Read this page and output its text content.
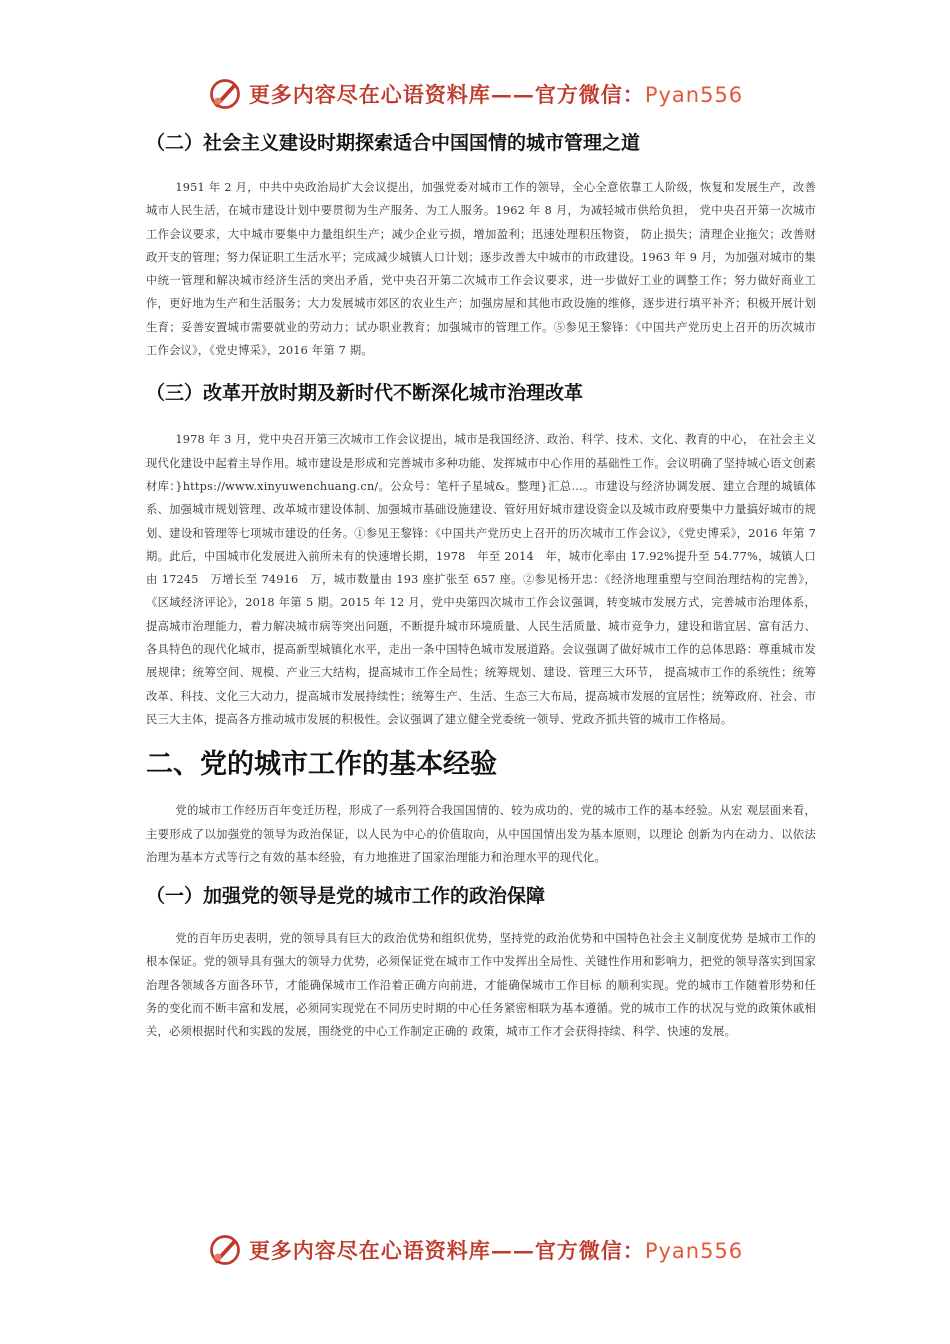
更多内容尽在心语资料库——官方微信：Pyan556
（二）社会主义建设时期探索适合中国国情的城市管理之道

1951 年 2 月，中共中央政治局扩大会议提出，加强党委对城市工作的领导，全心全意依靠工人阶级，恢复和发展生产，改善城市人民生活，在城市建设计划中要贯彻为生产服务、为工人服务。1962 年 8 月，为减轻城市供给负担， 党中央召开第一次城市工作会议要求，大中城市要集中力量组织生产；减少企业亏损，增加盈利；迅速处理积压物资， 防止损失；清理企业拖欠；改善财政开支的管理；努力保证职工生活水平；完成减少城镇人口计划；逐步改善大中城市的市政建设。1963 年 9 月，为加强对城市的集中统一管理和解决城市经济生活的突出矛盾，党中央召开第二次城市工作会议要求，进一步做好工业的调整工作；努力做好商业工作，更好地为生产和生活服务；大力发展城市郊区的农业生产；加强房屋和其他市政设施的维修，逐步进行填平补齐；积极开展计划生育；妥善安置城市需要就业的劳动力；试办职业教育；加强城市的管理工作。⑤参见王黎锋：《中国共产党历史上召开的历次城市工作会议》，《党史博采》，2016 年第 7 期。

（三）改革开放时期及新时代不断深化城市治理改革

1978 年 3 月，党中央召开第三次城市工作会议提出，城市是我国经济、政治、科学、技术、文化、教育的中心， 在社会主义现代化建设中起着主导作用。城市建设是形成和完善城市多种功能、发挥城市中心作用的基础性工作。会议明确了坚持城心语文创素材库：}https://www.xinyuwenchuang.cn/。公众号：笔杆子星城&。整理}汇总…。市建设与经济协调发展、建立合理的城镇体系、加强城市规划管理、改革城市建设体制、加强城市基础设施建设、管好用好城市建设资金以及城市政府要集中力量搞好城市的规划、建设和管理等七项城市建设的任务。①参见王黎锋：《中国共产党历史上召开的历次城市工作会议》，《党史博采》，2016 年第 7 期。此后，中国城市化发展进入前所未有的快速增长期，1978　年至 2014　年，城市化率由 17.92%提升至 54.77%，城镇人口由 17245　万增长至 74916　万，城市数量由 193 座扩张至 657 座。②参见杨开忠：《经济地理重塑与空间治理结构的完善》，《区域经济评论》，2018 年第 5 期。2015 年 12 月，党中央第四次城市工作会议强调，转变城市发展方式，完善城市治理体系，提高城市治理能力，着力解决城市病等突出问题，不断提升城市环境质量、人民生活质量、城市竞争力，建设和谐宜居、富有活力、各具特色的现代化城市，提高新型城镇化水平，走出一条中国特色城市发展道路。会议强调了做好城市工作的总体思路：尊重城市发展规律；统筹空间、规模、产业三大结构，提高城市工作全局性；统筹规划、建设、管理三大环节， 提高城市工作的系统性；统筹改革、科技、文化三大动力，提高城市发展持续性；统筹生产、生活、生态三大布局，提高城市发展的宜居性；统筹政府、社会、市民三大主体，提高各方推动城市发展的积极性。会议强调了建立健全党委统一领导、党政齐抓共管的城市工作格局。

二、党的城市工作的基本经验

党的城市工作经历百年变迁历程，形成了一系列符合我国国情的、较为成功的、党的城市工作的基本经验。从宏 观层面来看，主要形成了以加强党的领导为政治保证，以人民为中心的价值取向，从中国国情出发为基本原则，以理论 创新为内在动力、以依法治理为基本方式等行之有效的基本经验，有力地推进了国家治理能力和治理水平的现代化。

（一）加强党的领导是党的城市工作的政治保障

党的百年历史表明，党的领导具有巨大的政治优势和组织优势，坚持党的政治优势和中国特色社会主义制度优势 是城市工作的根本保证。党的领导具有强大的领导力优势，必须保证党在城市工作中发挥出全局性、关键性作用和影响力，把党的领导落实到国家治理各领域各方面各环节，才能确保城市工作沿着正确方向前进，才能确保城市工作目标 的顺利实现。党的城市工作随着形势和任务的变化而不断丰富和发展，必须同实现党在不同历史时期的中心任务紧密相联为基本遵循。党的城市工作的状况与党的政策休戚相关，必须根据时代和实践的发展，围绕党的中心工作制定正确的 政策，城市工作才会获得持续、科学、快速的发展。

更多内容尽在心语资料库——官方微信：Pyan556
